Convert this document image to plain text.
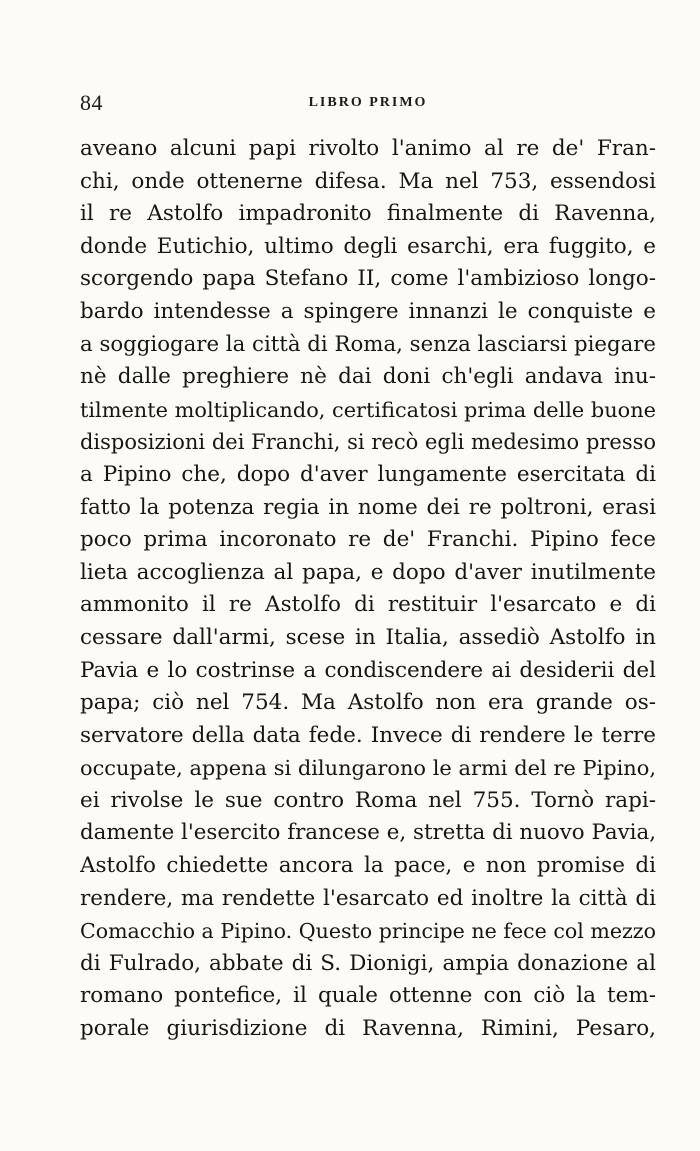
84	LIBRO PRIMO
aveano alcuni papi rivolto l'animo al re de' Fran-
chi, onde ottenerne difesa. Ma nel 753, essendosi
il re Astolfo impadronito finalmente di Ravenna,
donde Eutichio, ultimo degli esarchi, era fuggito, e
scorgendo papa Stefano II, come l'ambizioso longo-
bardo intendesse a spingere innanzi le conquiste e
a soggiogare la città di Roma, senza lasciarsi piegare
nè dalle preghiere nè dai doni ch'egli andava inu-
tilmente moltiplicando, certificatosi prima delle buone
disposizioni dei Franchi, si recò egli medesimo presso
a Pipino che, dopo d'aver lungamente esercitata di
fatto la potenza regia in nome dei re poltroni, erasi
poco prima incoronato re de' Franchi. Pipino fece
lieta accoglienza al papa, e dopo d'aver inutilmente
ammonito il re Astolfo di restituir l'esarcato e di
cessare dall'armi, scese in Italia, assediò Astolfo in
Pavia e lo costrinse a condiscendere ai desiderii del
papa; ciò nel 754. Ma Astolfo non era grande os-
servatore della data fede. Invece di rendere le terre
occupate, appena si dilungarono le armi del re Pipino,
ei rivolse le sue contro Roma nel 755. Tornò rapi-
damente l'esercito francese e, stretta di nuovo Pavia,
Astolfo chiedette ancora la pace, e non promise di
rendere, ma rendette l'esarcato ed inoltre la città di
Comacchio a Pipino. Questo principe ne fece col mezzo
di Fulrado, abbate di S. Dionigi, ampia donazione al
romano pontefice, il quale ottenne con ciò la tem-
porale giurisdizione di Ravenna, Rimini, Pesaro,
